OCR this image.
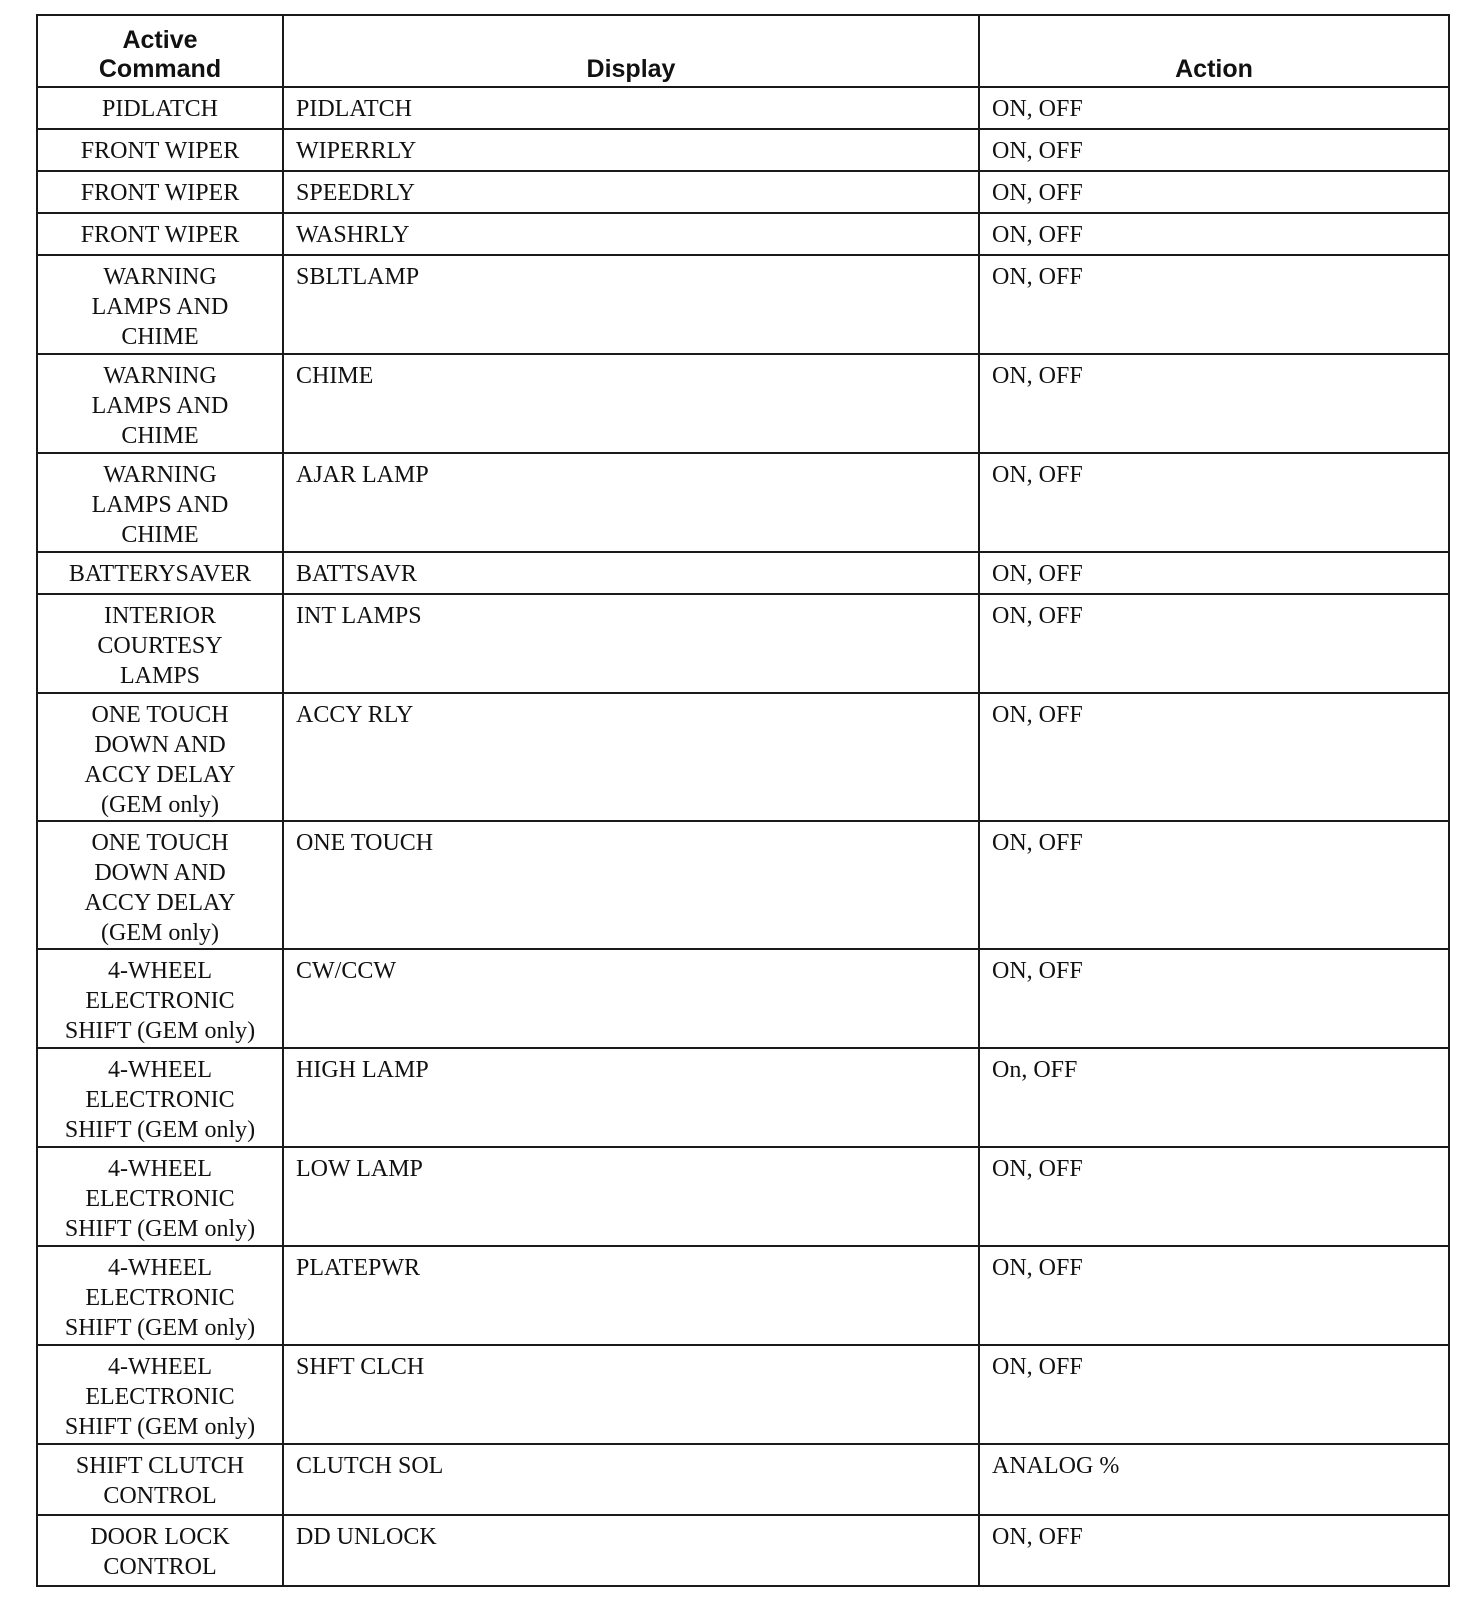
Active
Command	Display	Action
PIDLATCH	PIDLATCH	ON, OFF
FRONT WIPER	WIPERRLY	ON, OFF
FRONT WIPER	SPEEDRLY	ON, OFF
FRONT WIPER	WASHRLY	ON, OFF
WARNING
LAMPS AND
CHIME	SBLTLAMP	ON, OFF
WARNING
LAMPS AND
CHIME	CHIME	ON, OFF
WARNING
LAMPS AND
CHIME	AJAR LAMP	ON, OFF
BATTERYSAVER	BATTSAVR	ON, OFF
INTERIOR
COURTESY
LAMPS	INT LAMPS	ON, OFF
ONE TOUCH
DOWN AND
ACCY DELAY
(GEM only)	ACCY RLY	ON, OFF
ONE TOUCH
DOWN AND
ACCY DELAY
(GEM only)	ONE TOUCH	ON, OFF
4-WHEEL
ELECTRONIC
SHIFT (GEM only)	CW/CCW	ON, OFF
4-WHEEL
ELECTRONIC
SHIFT (GEM only)	HIGH LAMP	On, OFF
4-WHEEL
ELECTRONIC
SHIFT (GEM only)	LOW LAMP	ON, OFF
4-WHEEL
ELECTRONIC
SHIFT (GEM only)	PLATEPWR	ON, OFF
4-WHEEL
ELECTRONIC
SHIFT (GEM only)	SHFT CLCH	ON, OFF
SHIFT CLUTCH
CONTROL	CLUTCH SOL	ANALOG %
DOOR LOCK
CONTROL	DD UNLOCK	ON, OFF
